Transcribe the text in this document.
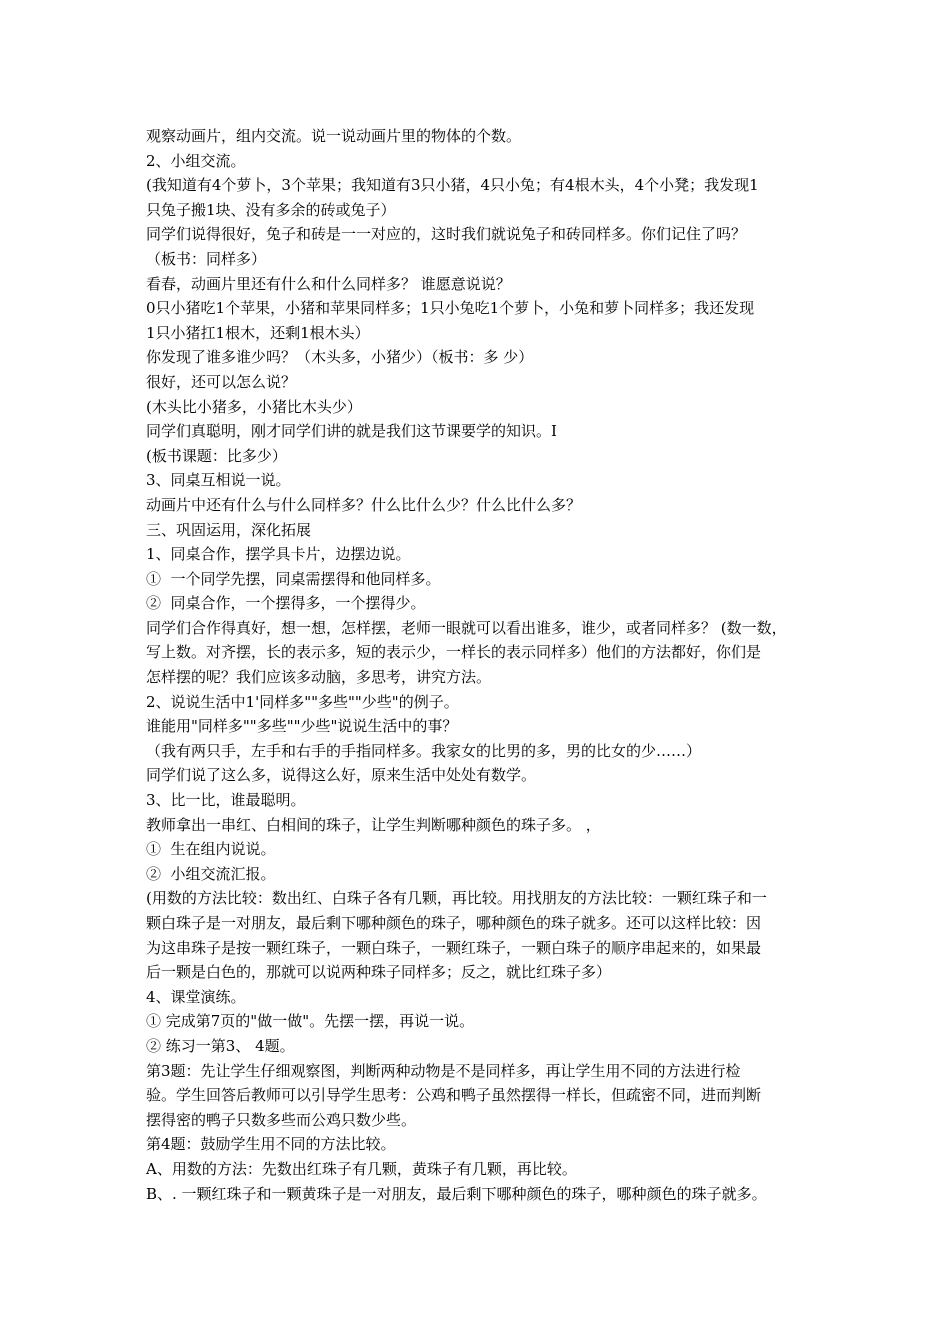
观察动画片，组内交流。说一说动画片里的物体的个数。
2、小组交流。
(我知道有4个萝卜，3个苹果；我知道有3只小猪，4只小兔；有4根木头，4个小凳；我发现1
只兔子搬1块、没有多余的砖或兔子）
同学们说得很好，兔子和砖是一一对应的，这时我们就说兔子和砖同样多。你们记住了吗？
（板书：同样多）
看春，动画片里还有什么和什么同样多？ 谁愿意说说？
0只小猪吃1个苹果，小猪和苹果同样多；1只小兔吃1个萝卜，小兔和萝卜同样多；我还发现
1只小猪扛1根木，还剩1根木头）
你发现了谁多谁少吗？（木头多，小猪少）（板书：多 少）
很好，还可以怎么说？
(木头比小猪多，小猪比木头少）
同学们真聪明，刚才同学们讲的就是我们这节课要学的知识。I
(板书课题：比多少）
3、同桌互相说一说。
动画片中还有什么与什么同样多？什么比什么少？什么比什么多？
三、巩固运用，深化拓展
1、同桌合作，摆学具卡片，边摆边说。
①  一个同学先摆，同桌需摆得和他同样多。
②  同桌合作，一个摆得多，一个摆得少。
同学们合作得真好，想一想，怎样摆，老师一眼就可以看出谁多，谁少，或者同样多？ (数一数，
写上数。对齐摆，长的表示多，短的表示少，一样长的表示同样多）他们的方法都好，你们是
怎样摆的呢？我们应该多动脑，多思考，讲究方法。
2、说说生活中1'同样多""多些""少些"的例子。
谁能用"同样多""多些""少些"说说生活中的事？
（我有两只手，左手和右手的手指同样多。我家女的比男的多，男的比女的少……）
同学们说了这么多，说得这么好，原来生活中处处有数学。
3、比一比，谁最聪明。
教师拿出一串红、白相间的珠子，让学生判断哪种颜色的珠子多。 ，
①  生在组内说说。
②  小组交流汇报。
(用数的方法比较：数出红、白珠子各有几颗，再比较。用找朋友的方法比较：一颗红珠子和一
颗白珠子是一对朋友，最后剩下哪种颜色的珠子，哪种颜色的珠子就多。还可以这样比较：因
为这串珠子是按一颗红珠子，一颗白珠子，一颗红珠子，一颗白珠子的顺序串起来的，如果最
后一颗是白色的，那就可以说两种珠子同样多；反之，就比红珠子多）
4、课堂演练。
① 完成第7页的"做一做"。先摆一摆，再说一说。
② 练习一第3、 4题。
第3题：先让学生仔细观察图，判断两种动物是不是同样多，再让学生用不同的方法进行检
验。学生回答后教师可以引导学生思考：公鸡和鸭子虽然摆得一样长，但疏密不同，进而判断
摆得密的鸭子只数多些而公鸡只数少些。
第4题：鼓励学生用不同的方法比较。
A、用数的方法：先数出红珠子有几颗，黄珠子有几颗，再比较。
B、. 一颗红珠子和一颗黄珠子是一对朋友，最后剩下哪种颜色的珠子，哪种颜色的珠子就多。
